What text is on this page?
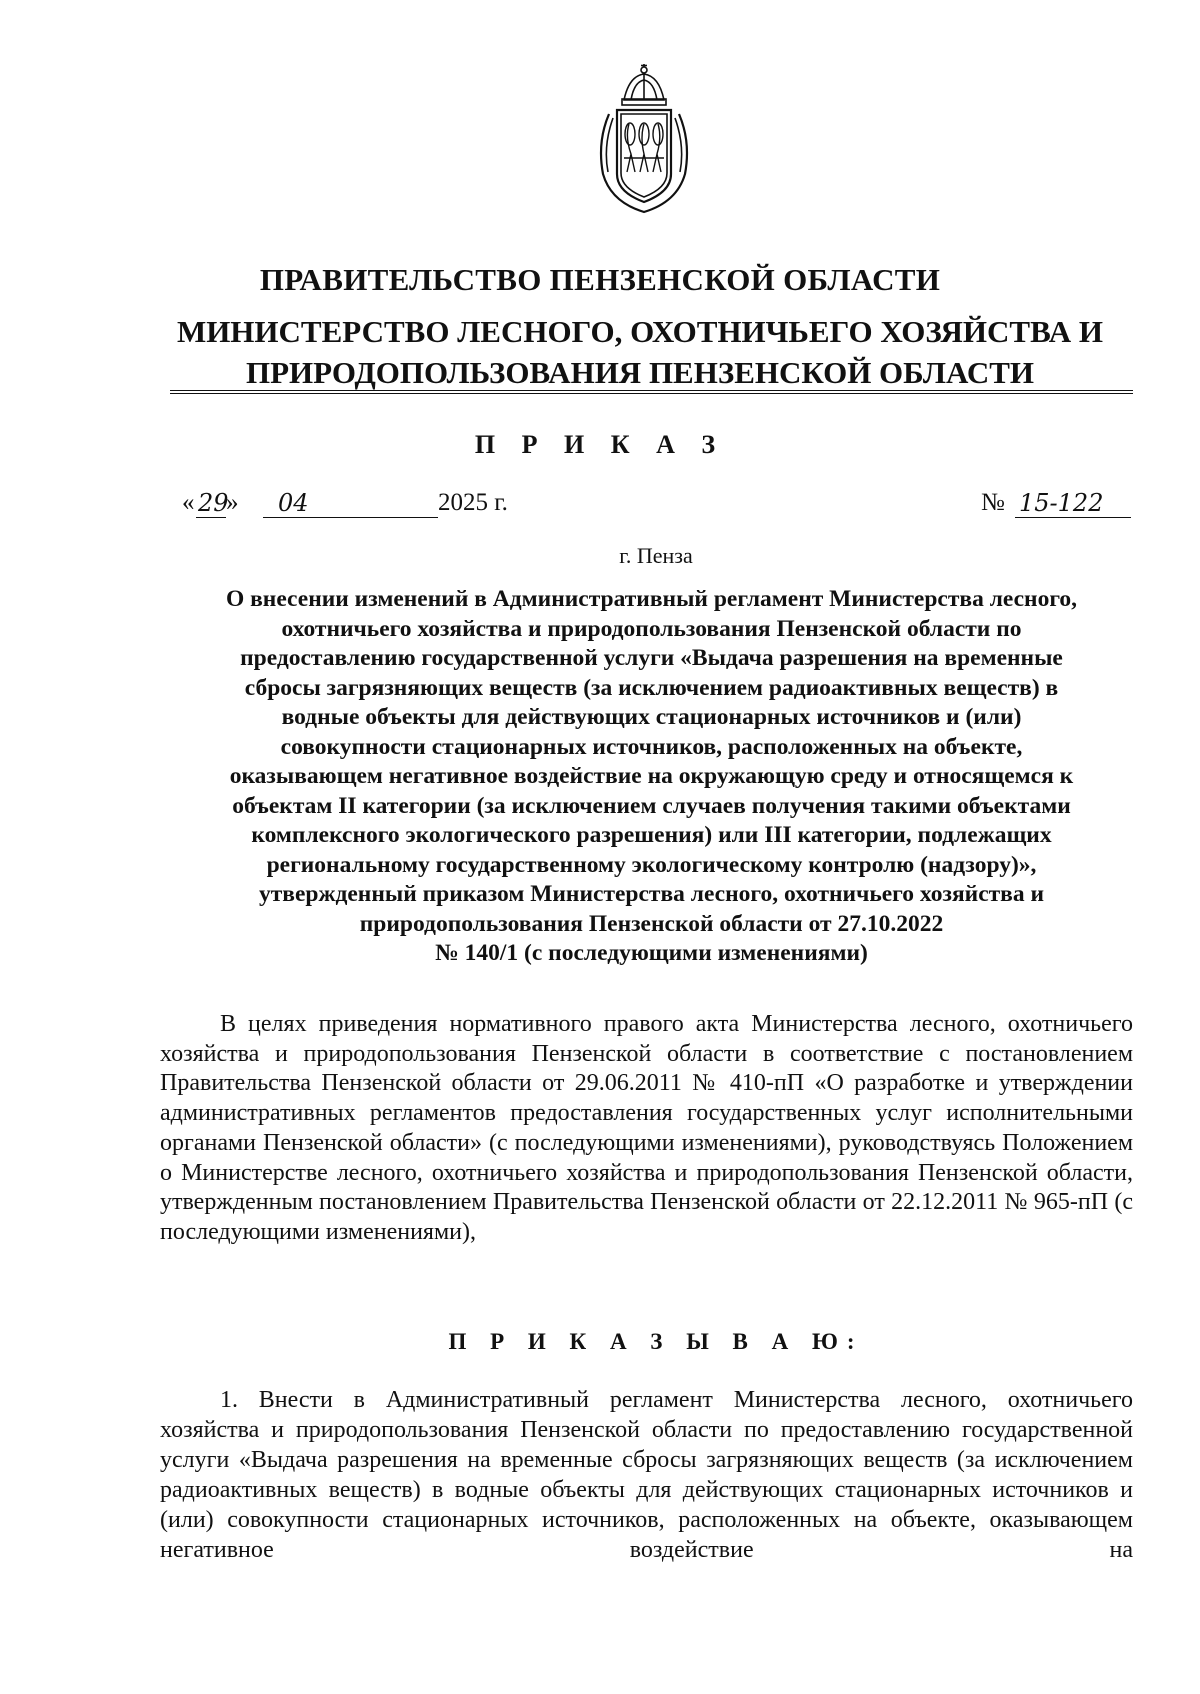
ПРАВИТЕЛЬСТВО ПЕНЗЕНСКОЙ ОБЛАСТИ
МИНИСТЕРСТВО ЛЕСНОГО, ОХОТНИЧЬЕГО ХОЗЯЙСТВА И
ПРИРОДОПОЛЬЗОВАНИЯ ПЕНЗЕНСКОЙ ОБЛАСТИ
П Р И К А З
« 29
» 04	2025 г.	№ 15-122
г. Пенза
О внесении изменений в Административный регламент Министерства лесного,
охотничьего хозяйства и природопользования Пензенской области по
предоставлению государственной услуги «Выдача разрешения на временные
сбросы загрязняющих веществ (за исключением радиоактивных веществ) в
водные объекты для действующих стационарных источников и (или)
совокупности стационарных источников, расположенных на объекте,
оказывающем негативное воздействие на окружающую среду и относящемся к
объектам II категории (за исключением случаев получения такими объектами
комплексного экологического разрешения) или III категории, подлежащих
региональному государственному экологическому контролю (надзору)»,
утвержденный приказом Министерства лесного, охотничьего хозяйства и
природопользования Пензенской области от 27.10.2022
№ 140/1 (с последующими изменениями)

В целях приведения нормативного правого акта Министерства лесного, охотничьего хозяйства и природопользования Пензенской области в соответствие с постановлением Правительства Пензенской области от 29.06.2011 № 410-пП «О разработке и утверждении административных регламентов предоставления государственных услуг исполнительными органами Пензенской области» (с последующими изменениями), руководствуясь Положением о Министерстве лесного, охотничьего хозяйства и природопользования Пензенской области, утвержденным постановлением Правительства Пензенской области от 22.12.2011 № 965-пП (с последующими изменениями),

П Р И К А З Ы В А Ю:

1. Внести в Административный регламент Министерства лесного, охотничьего хозяйства и природопользования Пензенской области по предоставлению государственной услуги «Выдача разрешения на временные сбросы загрязняющих веществ (за исключением радиоактивных веществ) в водные объекты для действующих стационарных источников и (или) совокупности стационарных источников, расположенных на объекте, оказывающем негативное воздействие на
